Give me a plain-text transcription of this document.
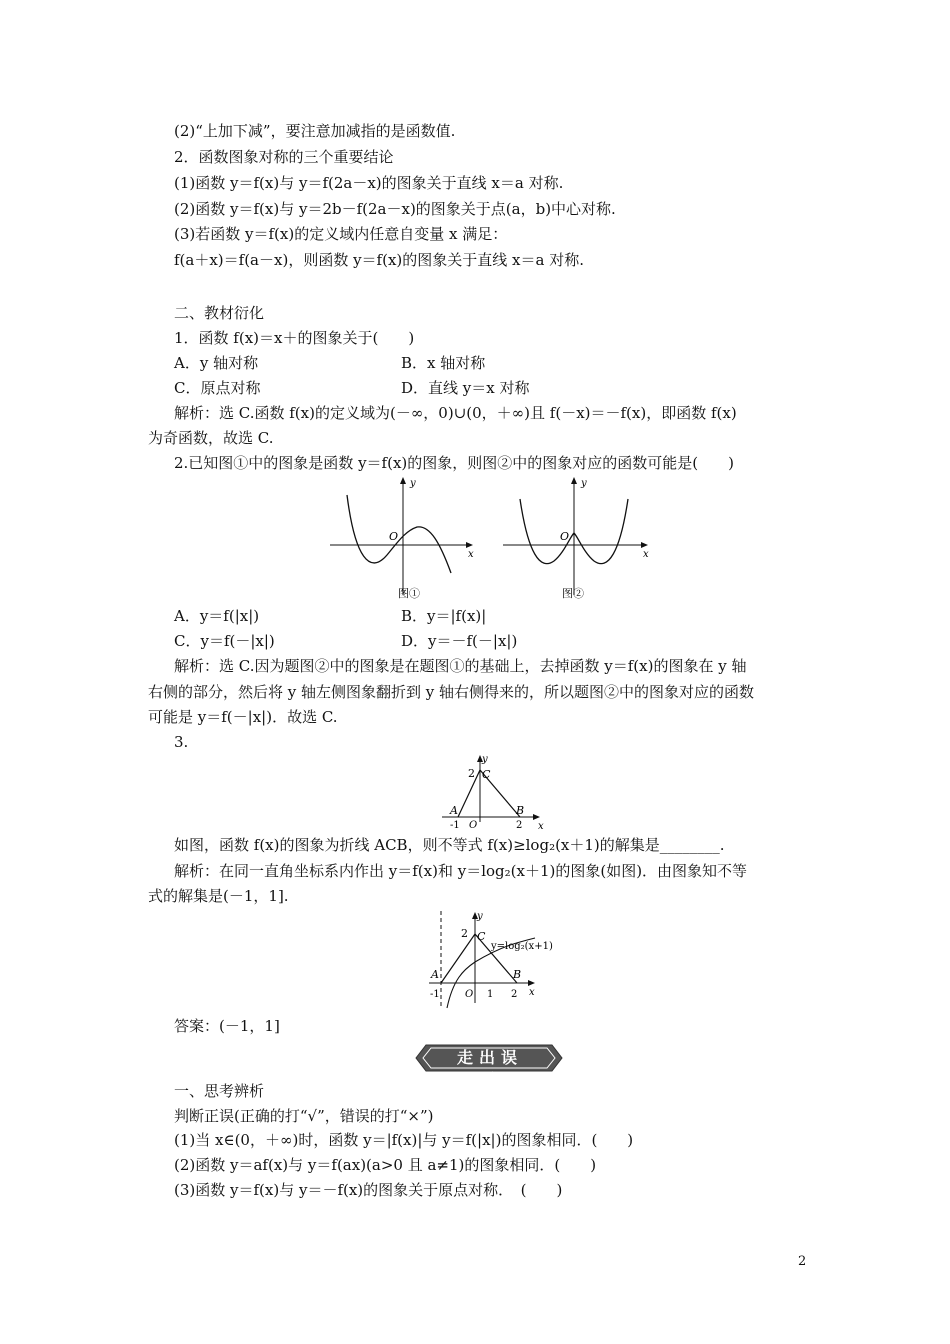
(2)“上加下减”，要注意加减指的是函数值.
2．函数图象对称的三个重要结论
(1)函数 y＝f(x)与 y＝f(2a－x)的图象关于直线 x＝a 对称.
(2)函数 y＝f(x)与 y＝2b－f(2a－x)的图象关于点(a，b)中心对称.
(3)若函数 y＝f(x)的定义域内任意自变量 x 满足：
f(a＋x)＝f(a－x)，则函数 y＝f(x)的图象关于直线 x＝a 对称.
二、教材衍化
1．函数 f(x)＝x＋的图象关于(　　)
A．y 轴对称	B．x 轴对称
C．原点对称	D．直线 y＝x 对称
解析：选 C.函数 f(x)的定义域为(－∞，0)∪(0，＋∞)且 f(－x)＝－f(x)，即函数 f(x)
为奇函数，故选 C.
2.已知图①中的图象是函数 y＝f(x)的图象，则图②中的图象对应的函数可能是(　　)
y
x
O
图①
y
x
O
图②
A．y＝f(|x|)	B．y＝|f(x)|
C．y＝f(－|x|)	D．y＝－f(－|x|)
解析：选 C.因为题图②中的图象是在题图①的基础上，去掉函数 y＝f(x)的图象在 y 轴
右侧的部分，然后将 y 轴左侧图象翻折到 y 轴右侧得来的，所以题图②中的图象对应的函数
可能是 y＝f(－|x|)．故选 C.
3.
y
x
2 C
A	B
-1 O	2
如图，函数 f(x)的图象为折线 ACB，则不等式 f(x)≥log₂(x＋1)的解集是________.
解析：在同一直角坐标系内作出 y＝f(x)和 y＝log₂(x＋1)的图象(如图)．由图象知不等
式的解集是(－1，1].
y
x
2 C
A	B
-1	O 1 2
y=log₂(x+1)
答案：(－1，1]
走出误区
一、思考辨析
判断正误(正确的打“√”，错误的打“×”)
(1)当 x∈(0，＋∞)时，函数 y＝|f(x)|与 y＝f(|x|)的图象相同．(　　)
(2)函数 y＝af(x)与 y＝f(ax)(a>0 且 a≠1)的图象相同．(　　)
(3)函数 y＝f(x)与 y＝－f(x)的图象关于原点对称．　(　　)
2
